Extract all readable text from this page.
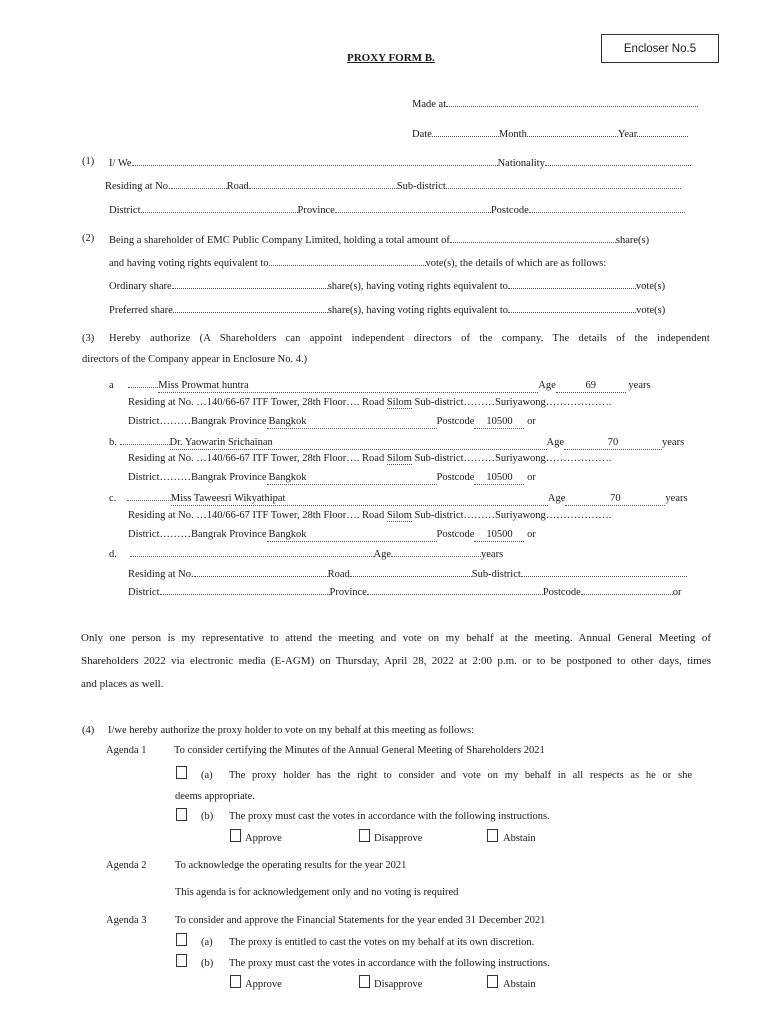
Encloser No.5
PROXY FORM B.
Made at
Date	Month	Year
(1) I/ We	Nationality
Residing at No.	Road	Sub-district
District	Province	Postcode
(2) Being a shareholder of EMC Public Company Limited, holding a total amount of	share(s)
and having voting rights equivalent to	vote(s), the details of which are as follows:
Ordinary share	share(s), having voting rights equivalent to	vote(s)
Preferred share	share(s), having voting rights equivalent to	vote(s)
(3) Hereby authorize (A Shareholders can appoint independent directors of the company. The details of the independent
directors of the Company appear in Enclosure No. 4.)
a	Miss Prowmat huntra	Age	69	years
Residing at No. …140/66-67 ITF Tower, 28th Floor…. Road Silom Sub-district………Suriyawong……………….
District………Bangrak Province Bangkok	Postcode 10500 or
b.	Dr. Yaowarin Srichainan	Age	70	years
Residing at No. …140/66-67 ITF Tower, 28th Floor…. Road Silom Sub-district………Suriyawong……………….
District………Bangrak Province Bangkok	Postcode 10500 or
c.	Miss Taweesri Wikyathipat	Age	70	years
Residing at No. …140/66-67 ITF Tower, 28th Floor…. Road Silom Sub-district………Suriyawong……………….
District………Bangrak Province Bangkok	Postcode 10500 or
d.	Age	years
Residing at No.	Road	Sub-district
District	Province	Postcode	or
Only one person is my representative to attend the meeting and vote on my behalf at the meeting. Annual General Meeting of
Shareholders 2022 via electronic media (E-AGM) on Thursday, April 28, 2022 at 2:00 p.m. or to be postponed to other days, times
and places as well.
(4) I/we hereby authorize the proxy holder to vote on my behalf at this meeting as follows:
Agenda 1	To consider certifying the Minutes of the Annual General Meeting of Shareholders 2021
(a) The proxy holder has the right to consider and vote on my behalf in all respects as he or she
deems appropriate.
(b) The proxy must cast the votes in accordance with the following instructions.
Approve	Disapprove	Abstain
Agenda 2	To acknowledge the operating results for the year 2021
This agenda is for acknowledgement only and no voting is required
Agenda 3	To consider and approve the Financial Statements for the year ended 31 December 2021
(a) The proxy is entitled to cast the votes on my behalf at its own discretion.
(b) The proxy must cast the votes in accordance with the following instructions.
Approve	Disapprove	Abstain
